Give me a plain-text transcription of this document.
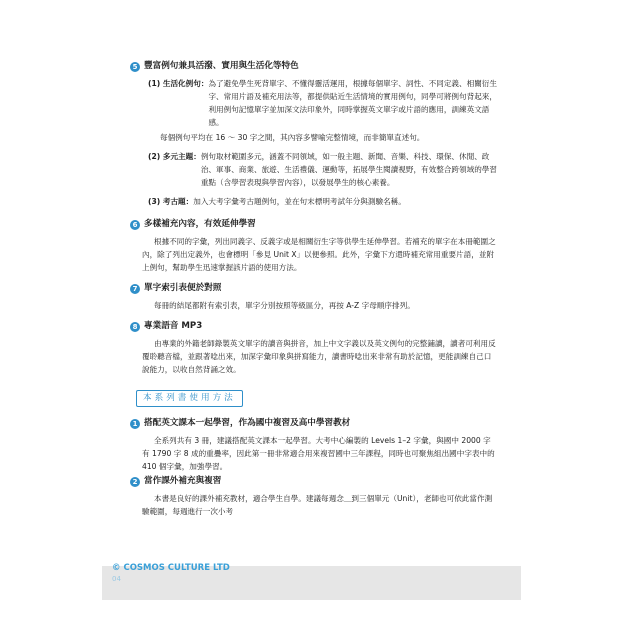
5 豐富例句兼具活潑、實用與生活化等特色
(1) 生活化例句： 為了避免學生死背單字、不懂得靈活運用，根據每個單字、詞性、不同定義、相關衍生字、常用片語及補充用法等，都提供貼近生活情境的實用例句，同學可將例句背起來，利用例句記憶單字並加深文法印象外，同時掌握英文單字或片語的應用，訓練英文語感。
每個例句平均在 16 ～ 30 字之間，其內容多譬喻完整情境，而非簡單直述句。
(2) 多元主題： 例句取材範圍多元，涵蓋不同領域，如一般主題、新聞、音樂、科技、環保、休閒、政治、軍事、商業、旅遊、生活禮儀、運動等，拓展學生閱讀視野，有效整合跨領域的學習重點（含學習表現與學習內容），以發展學生的核心素養。
(3) 考古題： 加入大考字彙考古題例句，並在句末標明考試年分與測驗名稱。
6 多樣補充內容，有效延伸學習
根據不同的字彙，列出同義字、反義字或是相關衍生字等供學生延伸學習。若補充的單字在本冊範圍之內，除了列出定義外，也會標明「參見 Unit X」以便參照。此外，字彙下方還時補充常用重要片語，並附上例句，幫助學生迅速掌握該片語的使用方法。
7 單字索引表便於對照
每冊的結尾都附有索引表，單字分別按照等級區分，再按 A-Z 字母順序排列。
8 專業語音 MP3
由專業的外籍老師錄製英文單字的讀音與拼音，加上中文字義以及英文例句的完整鋪讀，讀者可利用反覆聆聽音檔，並跟著唸出來，加深字彙印象與拼寫能力，讀書時唸出來非常有助於記憶，更能訓練自己口說能力，以收自然背誦之效。
本系列書使用方法
1 搭配英文課本一起學習，作為國中複習及高中學習教材
全系列共有 3 冊，建議搭配英文課本一起學習。大考中心編製的 Levels 1–2 字彙，與國中 2000 字有 1790 字 8 成的重疊率，因此第一冊非常適合用來複習國中三年課程，同時也可聚焦組出國中字表中的 410 個字彙，加強學習。
2 當作課外補充與複習
本書是良好的課外補充教材，適合學生自學。建議每週念＿到三個單元（Unit），老師也可依此當作測驗範圍，每週進行一次小考
© COSMOS CULTURE LTD
04
